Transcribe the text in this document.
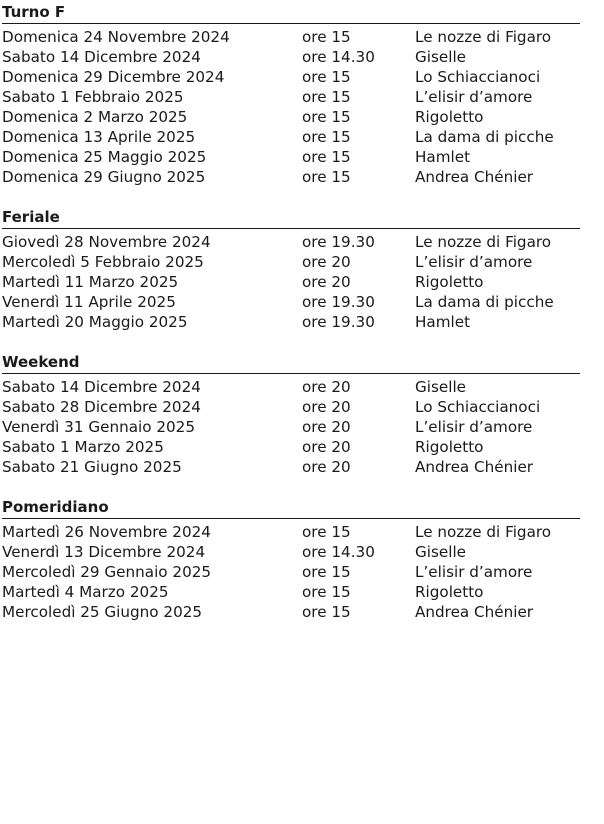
Turno F
Domenica 24 Novembre 2024	ore 15	Le nozze di Figaro
Sabato 14 Dicembre 2024	ore 14.30	Giselle
Domenica 29 Dicembre 2024	ore 15	Lo Schiaccianoci
Sabato 1 Febbraio 2025	ore 15	L’elisir d’amore
Domenica 2 Marzo 2025	ore 15	Rigoletto
Domenica 13 Aprile 2025	ore 15	La dama di picche
Domenica 25 Maggio 2025	ore 15	Hamlet
Domenica 29 Giugno 2025	ore 15	Andrea Chénier
Feriale
Giovedì 28 Novembre 2024	ore 19.30	Le nozze di Figaro
Mercoledì 5 Febbraio 2025	ore 20	L’elisir d’amore
Martedì 11 Marzo 2025	ore 20	Rigoletto
Venerdì 11 Aprile 2025	ore 19.30	La dama di picche
Martedì 20 Maggio 2025	ore 19.30	Hamlet
Weekend
Sabato 14 Dicembre 2024	ore 20	Giselle
Sabato 28 Dicembre 2024	ore 20	Lo Schiaccianoci
Venerdì 31 Gennaio 2025	ore 20	L’elisir d’amore
Sabato 1 Marzo 2025	ore 20	Rigoletto
Sabato 21 Giugno 2025	ore 20	Andrea Chénier
Pomeridiano
Martedì 26 Novembre 2024	ore 15	Le nozze di Figaro
Venerdì 13 Dicembre 2024	ore 14.30	Giselle
Mercoledì 29 Gennaio 2025	ore 15	L’elisir d’amore
Martedì 4 Marzo 2025	ore 15	Rigoletto
Mercoledì 25 Giugno 2025	ore 15	Andrea Chénier
